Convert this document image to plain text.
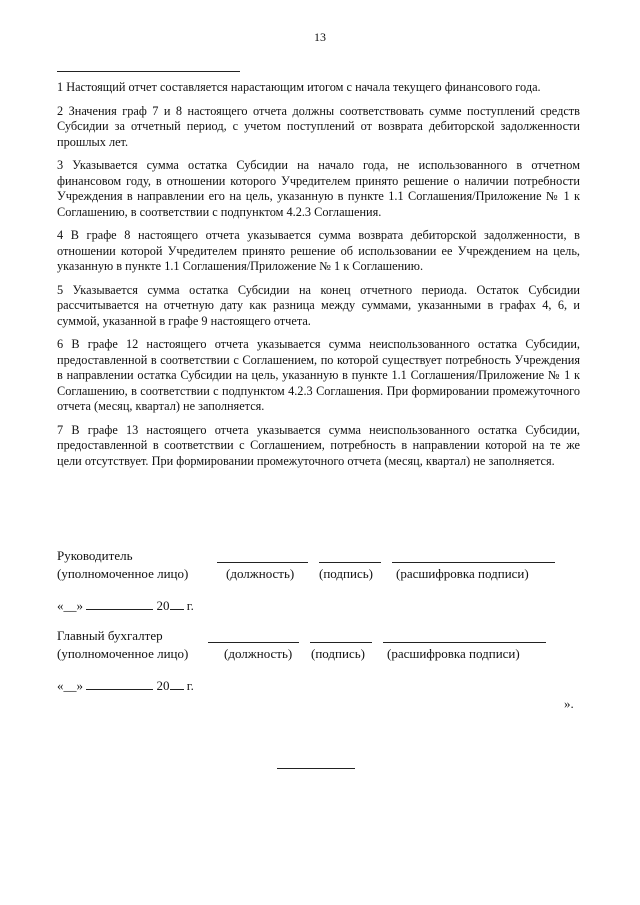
13

1 Настоящий отчет составляется нарастающим итогом с начала текущего финансового года.

2 Значения граф 7 и 8 настоящего отчета должны соответствовать сумме поступлений средств Субсидии за отчетный период, с учетом поступлений от возврата дебиторской задолженности прошлых лет.

3 Указывается сумма остатка Субсидии на начало года, не использованного в отчетном финансовом году, в отношении которого Учредителем принято решение о наличии потребности Учреждения в направлении его на цель, указанную в пункте 1.1 Соглашения/Приложение № 1 к Соглашению, в соответствии с подпунктом 4.2.3 Соглашения.

4 В графе 8 настоящего отчета указывается сумма возврата дебиторской задолженности, в отношении которой Учредителем принято решение об использовании ее Учреждением на цель, указанную в пункте 1.1 Соглашения/Приложение № 1 к Соглашению.

5 Указывается сумма остатка Субсидии на конец отчетного периода. Остаток Субсидии рассчитывается на отчетную дату как разница между суммами, указанными в графах 4, 6, и суммой, указанной в графе 9 настоящего отчета.

6 В графе 12 настоящего отчета указывается сумма неиспользованного остатка Субсидии, предоставленной в соответствии с Соглашением, по которой существует потребность Учреждения в направлении остатка Субсидии на цель, указанную в пункте 1.1 Соглашения/Приложение № 1 к Соглашению, в соответствии с подпунктом 4.2.3 Соглашения. При формировании промежуточного отчета (месяц, квартал) не заполняется.

7 В графе 13 настоящего отчета указывается сумма неиспользованного остатка Субсидии, предоставленной в соответствии с Соглашением, потребность в направлении которой на те же цели отсутствует. При формировании промежуточного отчета (месяц, квартал) не заполняется.

Руководитель
(уполномоченное лицо)	(должность) (подпись) (расшифровка подписи)
«__»	20 г.
Главный бухгалтер
(уполномоченное лицо)	(должность) (подпись) (расшифровка подписи)
«__»	20 г.
».
